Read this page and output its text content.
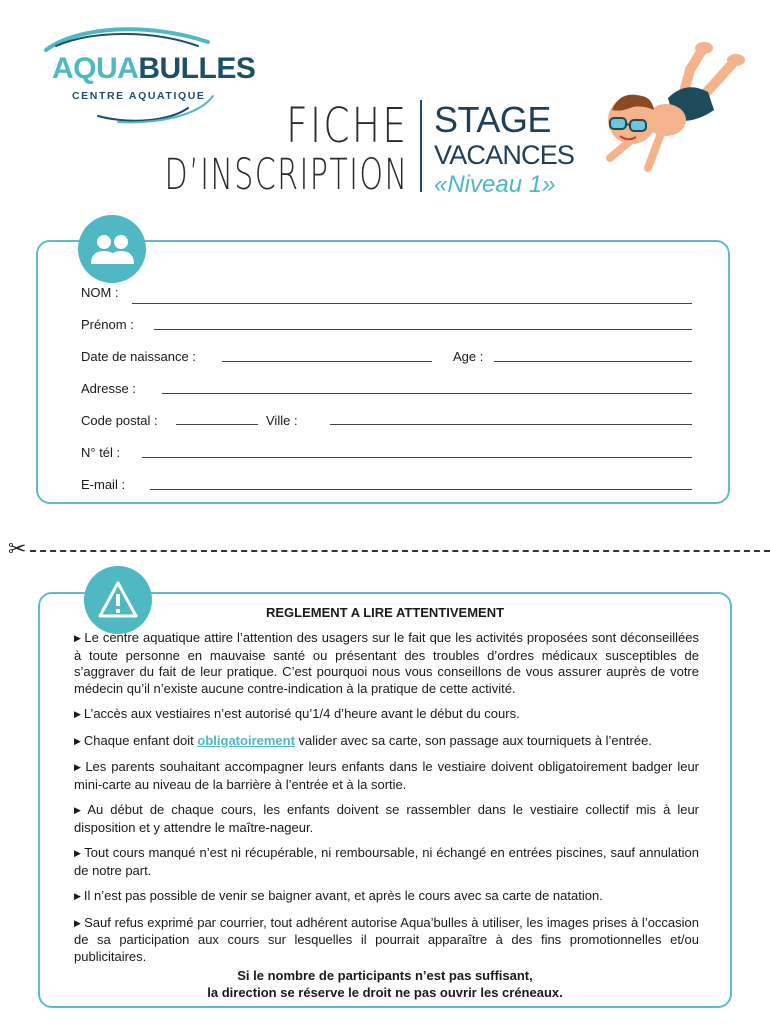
AQUABULLES
CENTRE AQUATIQUE
FICHE
D’INSCRIPTION
STAGE
VACANCES
«Niveau 1»
NOM :
Prénom :
Date de naissance :	Age :
Adresse :
Code postal :	Ville :
N° tél :
E-mail :
✂
REGLEMENT A LIRE ATTENTIVEMENT

▶ Le centre aquatique attire l’attention des usagers sur le fait que les activités proposées sont déconseillées à toute personne en mauvaise santé ou présentant des troubles d’ordres médicaux susceptibles de s’aggraver du fait de leur pratique. C’est pourquoi nous vous conseillons de vous assurer auprès de votre médecin qu’il n’existe aucune contre-indication à la pratique de cette activité.

▶ L’accès aux vestiaires n’est autorisé qu’1/4 d’heure avant le début du cours.

▶ Chaque enfant doit obligatoirement valider avec sa carte, son passage aux tourniquets à l’entrée.

▶ Les parents souhaitant accompagner leurs enfants dans le vestiaire doivent obligatoirement badger leur mini-carte au niveau de la barrière à l’entrée et à la sortie.

▶ Au début de chaque cours, les enfants doivent se rassembler dans le vestiaire collectif mis à leur disposition et y attendre le maître-nageur.

▶ Tout cours manqué n’est ni récupérable, ni remboursable, ni échangé en entrées piscines, sauf annulation de notre part.

▶ Il n’est pas possible de venir se baigner avant, et après le cours avec sa carte de natation.

▶ Sauf refus exprimé par courrier, tout adhérent autorise Aqua’bulles à utiliser, les images prises à l’occasion de sa participation aux cours sur lesquelles il pourrait apparaître à des fins promotionnelles et/ou publicitaires.

Si le nombre de participants n’est pas suffisant,
la direction se réserve le droit ne pas ouvrir les créneaux.
